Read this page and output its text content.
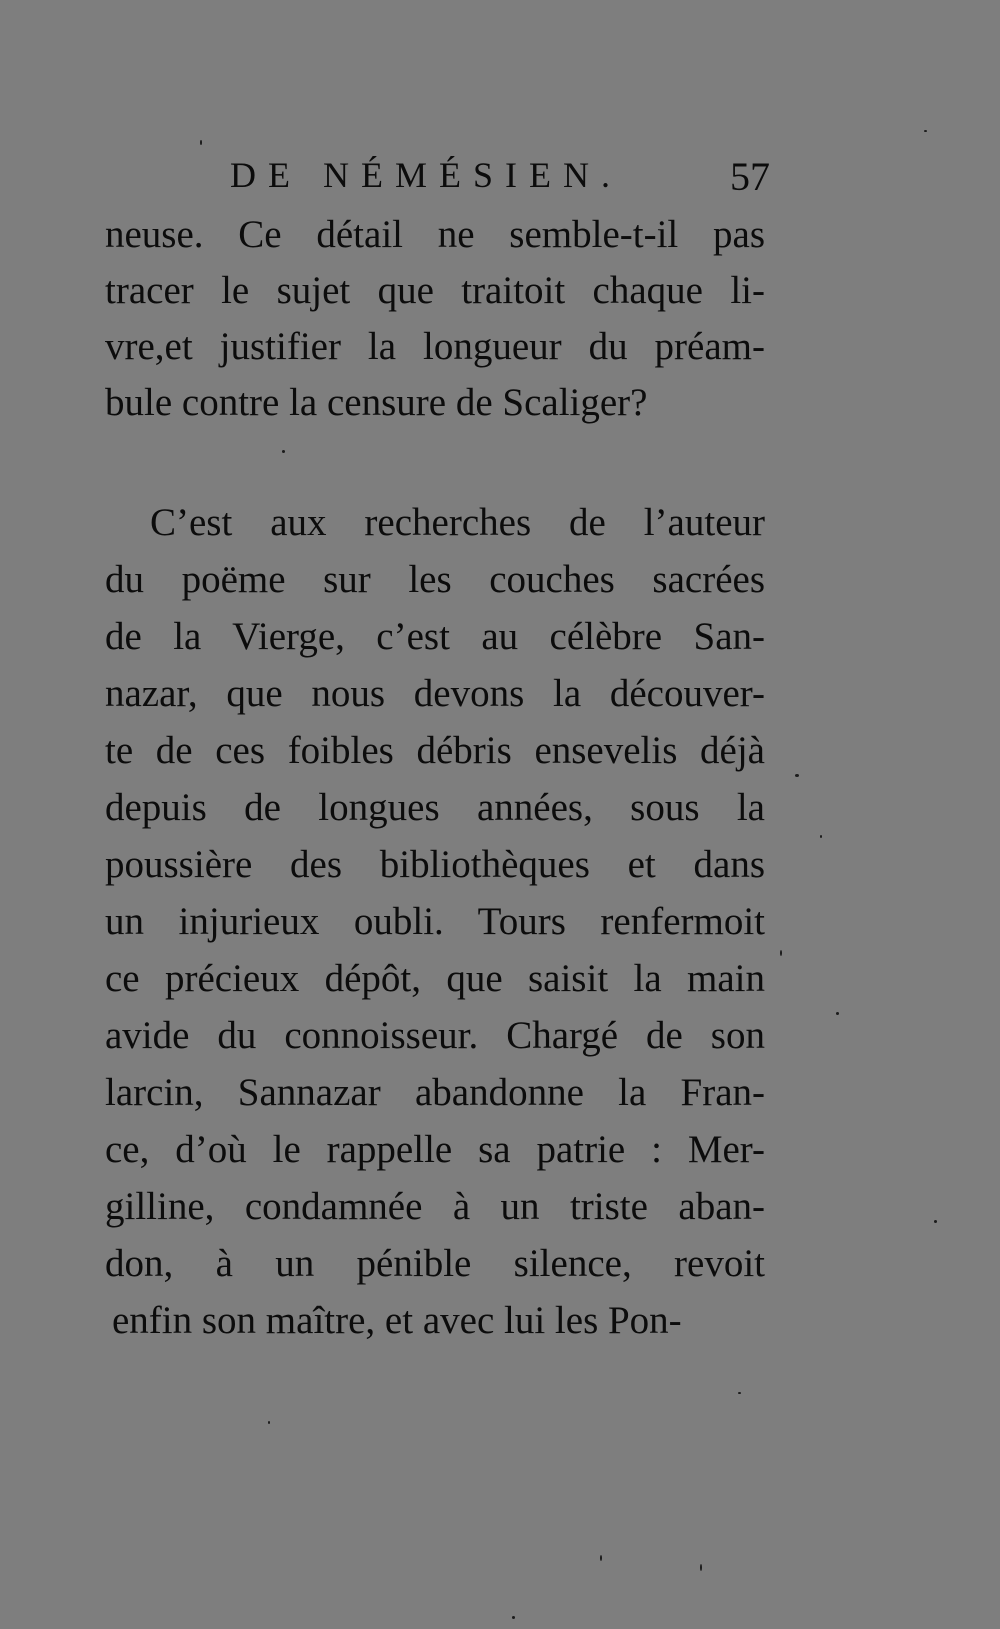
DE NÉMÉSIEN.	57
neuse. Ce détail ne semble-t-il pas
tracer le sujet que traitoit chaque li-
vre,et justifier la longueur du préam-
bule contre la censure de Scaliger?
C’est aux recherches de l’auteur
du poëme sur les couches sacrées
de la Vierge, c’est au célèbre San-
nazar, que nous devons la découver-
te de ces foibles débris ensevelis déjà
depuis de longues années, sous la
poussière des bibliothèques et dans
un injurieux oubli. Tours renfermoit
ce précieux dépôt, que saisit la main
avide du connoisseur. Chargé de son
larcin, Sannazar abandonne la Fran-
ce, d’où le rappelle sa patrie : Mer-
gilline, condamnée à un triste aban-
don, à un pénible silence, revoit
enfin son maître, et avec lui les Pon-
